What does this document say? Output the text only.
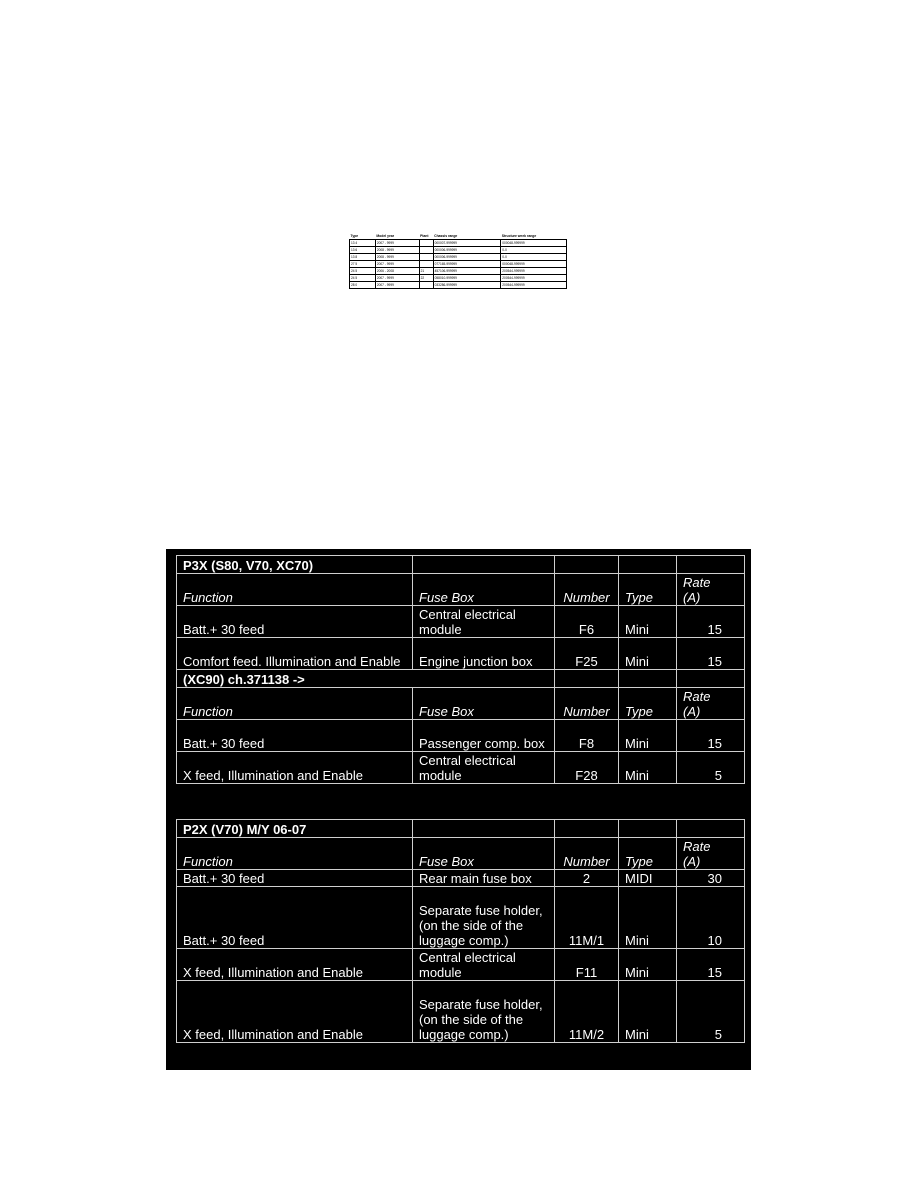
Type	Model year	Plant	Chassis range	Structure week range
13 4	2007 - 9999		000007-999999	000048-999999
13 6	2008 - 9999		000006-999999	0-0
13 8	2008 - 9999		000006-999999	0-0
27 5	2007 - 9999		077165-999999	000048-999999
24 5	2006 - 2008	21	457106-999999	200544-999999
24 5	2007 - 9999	22	058010-999999	200544-999999
28 0	2007 - 9999		033286-999999	200544-999999
P3X (S80, V70, XC70)				
Function	Fuse Box	Number	Type	Rate (A)
Batt.+ 30 feed	Central electrical module	F6	Mini	15
Comfort feed. Illumination and Enable	Engine junction box	F25	Mini	15
(XC90) ch.371138 ->				
Function	Fuse Box	Number	Type	Rate (A)
Batt.+ 30 feed	Passenger comp. box	F8	Mini	15
X feed, Illumination and Enable	Central electrical module	F28	Mini	5
P2X (V70) M/Y 06-07				
Function	Fuse Box	Number	Type	Rate (A)
Batt.+ 30 feed	Rear main fuse box	2	MIDI	30
Batt.+ 30 feed	Separate fuse holder, (on the side of the luggage comp.)	11M/1	Mini	10
X feed, Illumination and Enable	Central electrical module	F11	Mini	15
X feed, Illumination and Enable	Separate fuse holder, (on the side of the luggage comp.)	11M/2	Mini	5
